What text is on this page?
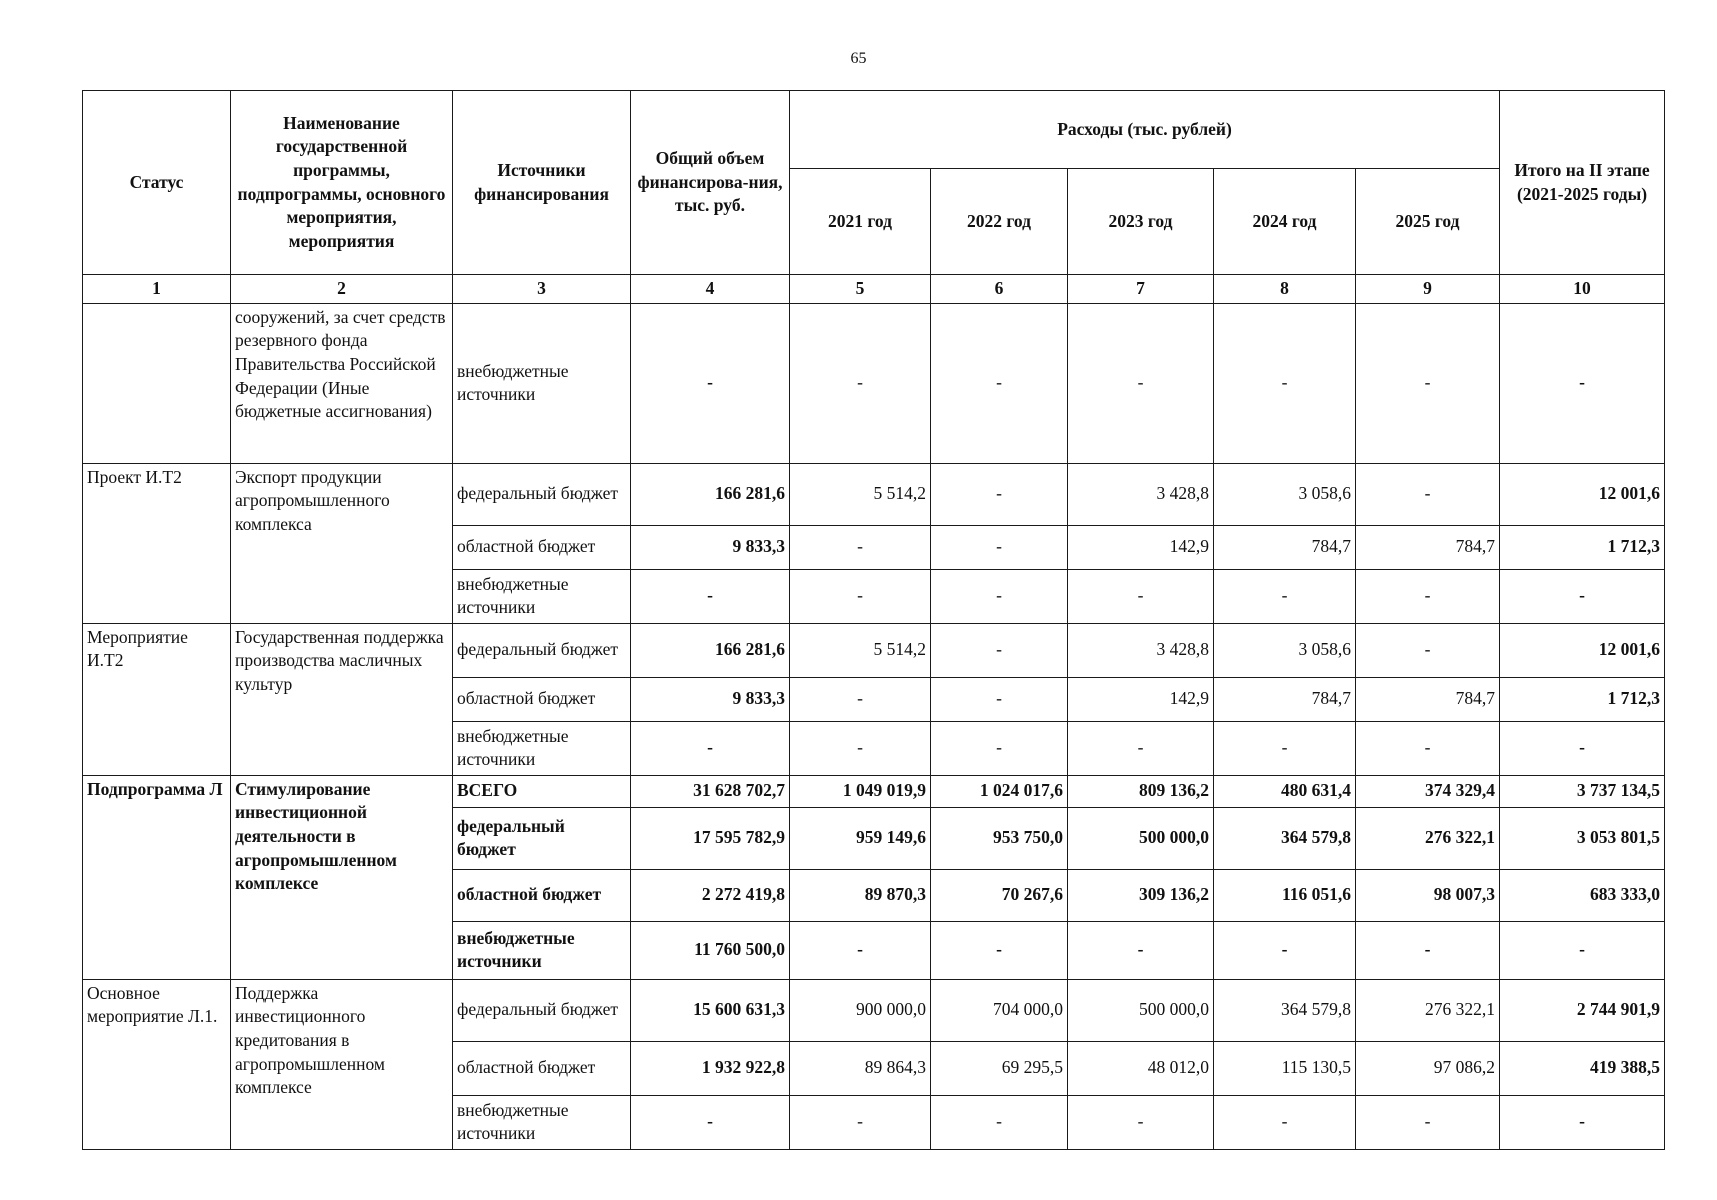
65
Статус	Наименование государственной программы, подпрограммы, основного мероприятия, мероприятия	Источники финансирования	Общий объем финансирова-ния, тыс. руб.	Расходы (тыс. рублей)					Итого на II этапе (2021-2025 годы)
				2021 год	2022 год	2023 год	2024 год	2025 год	
1	2	3	4	5	6	7	8	9	10
	сооружений, за счет средств резервного фонда Правительства Российской Федерации (Иные бюджетные ассигнования)	внебюджетные источники	-	-	-	-	-	-	-
Проект И.Т2	Экспорт продукции агропромышленного комплекса	федеральный бюджет	166 281,6	5 514,2	-	3 428,8	3 058,6	-	12 001,6
		областной бюджет	9 833,3	-	-	142,9	784,7	784,7	1 712,3
		внебюджетные источники	-	-	-	-	-	-	-
Мероприятие И.Т2	Государственная поддержка производства масличных культур	федеральный бюджет	166 281,6	5 514,2	-	3 428,8	3 058,6	-	12 001,6
		областной бюджет	9 833,3	-	-	142,9	784,7	784,7	1 712,3
		внебюджетные источники	-	-	-	-	-	-	-
Подпрограмма Л	Стимулирование инвестиционной деятельности в агропромышленном комплексе	ВСЕГО	31 628 702,7	1 049 019,9	1 024 017,6	809 136,2	480 631,4	374 329,4	3 737 134,5
		федеральный бюджет	17 595 782,9	959 149,6	953 750,0	500 000,0	364 579,8	276 322,1	3 053 801,5
		областной бюджет	2 272 419,8	89 870,3	70 267,6	309 136,2	116 051,6	98 007,3	683 333,0
		внебюджетные источники	11 760 500,0	-	-	-	-	-	-
Основное мероприятие Л.1.	Поддержка инвестиционного кредитования в агропромышленном комплексе	федеральный бюджет	15 600 631,3	900 000,0	704 000,0	500 000,0	364 579,8	276 322,1	2 744 901,9
		областной бюджет	1 932 922,8	89 864,3	69 295,5	48 012,0	115 130,5	97 086,2	419 388,5
		внебюджетные источники	-	-	-	-	-	-	-
